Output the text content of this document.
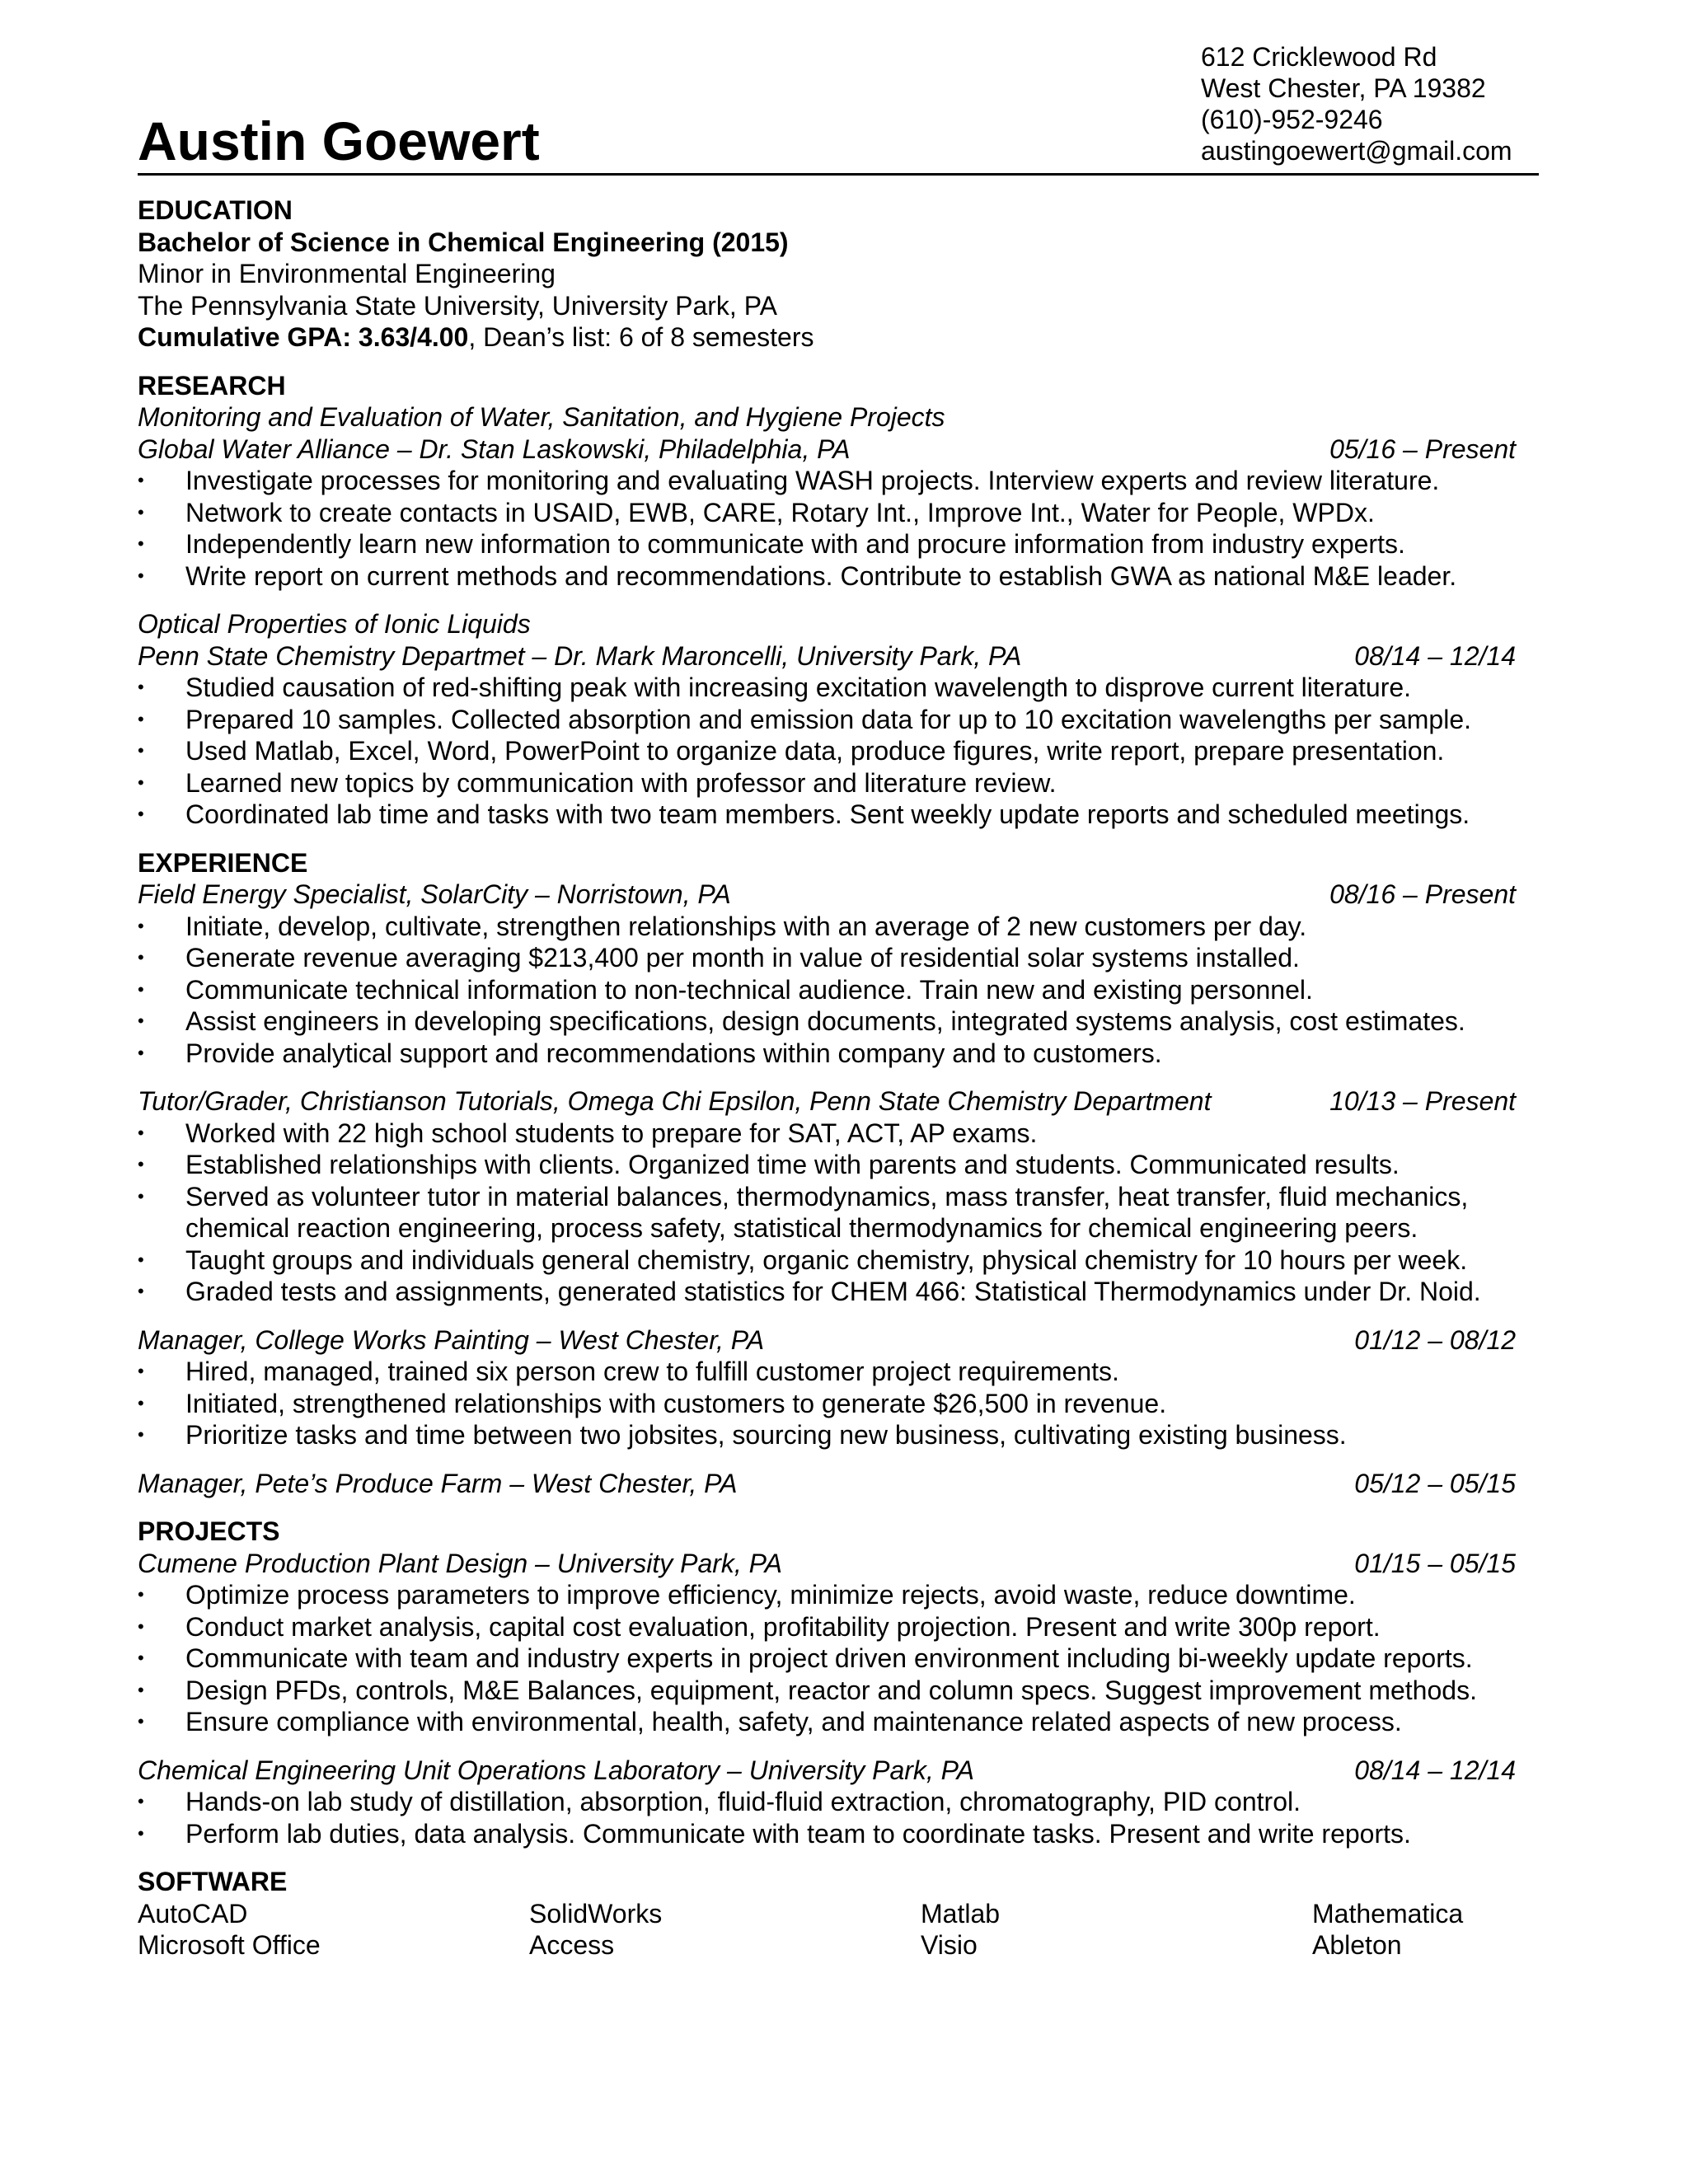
Austin Goewert
612 Cricklewood Rd
West Chester, PA 19382
(610)-952-9246
austingoewert@gmail.com
EDUCATION
Bachelor of Science in Chemical Engineering (2015)
Minor in Environmental Engineering
The Pennsylvania State University, University Park, PA
Cumulative GPA: 3.63/4.00, Dean’s list: 6 of 8 semesters
RESEARCH
Monitoring and Evaluation of Water, Sanitation, and Hygiene Projects
Global Water Alliance – Dr. Stan Laskowski, Philadelphia, PA	05/16 – Present
• Investigate processes for monitoring and evaluating WASH projects. Interview experts and review literature.
• Network to create contacts in USAID, EWB, CARE, Rotary Int., Improve Int., Water for People, WPDx.
• Independently learn new information to communicate with and procure information from industry experts.
• Write report on current methods and recommendations. Contribute to establish GWA as national M&E leader.
Optical Properties of Ionic Liquids
Penn State Chemistry Departmet – Dr. Mark Maroncelli, University Park, PA	08/14 – 12/14
• Studied causation of red-shifting peak with increasing excitation wavelength to disprove current literature.
• Prepared 10 samples. Collected absorption and emission data for up to 10 excitation wavelengths per sample.
• Used Matlab, Excel, Word, PowerPoint to organize data, produce figures, write report, prepare presentation.
• Learned new topics by communication with professor and literature review.
• Coordinated lab time and tasks with two team members. Sent weekly update reports and scheduled meetings.
EXPERIENCE
Field Energy Specialist, SolarCity – Norristown, PA	08/16 – Present
• Initiate, develop, cultivate, strengthen relationships with an average of 2 new customers per day.
• Generate revenue averaging $213,400 per month in value of residential solar systems installed.
• Communicate technical information to non-technical audience. Train new and existing personnel.
• Assist engineers in developing specifications, design documents, integrated systems analysis, cost estimates.
• Provide analytical support and recommendations within company and to customers.
Tutor/Grader, Christianson Tutorials, Omega Chi Epsilon, Penn State Chemistry Department	10/13 – Present
• Worked with 22 high school students to prepare for SAT, ACT, AP exams.
• Established relationships with clients. Organized time with parents and students. Communicated results.
• Served as volunteer tutor in material balances, thermodynamics, mass transfer, heat transfer, fluid mechanics, chemical reaction engineering, process safety, statistical thermodynamics for chemical engineering peers.
• Taught groups and individuals general chemistry, organic chemistry, physical chemistry for 10 hours per week.
• Graded tests and assignments, generated statistics for CHEM 466: Statistical Thermodynamics under Dr. Noid.
Manager, College Works Painting – West Chester, PA	01/12 – 08/12
• Hired, managed, trained six person crew to fulfill customer project requirements.
• Initiated, strengthened relationships with customers to generate $26,500 in revenue.
• Prioritize tasks and time between two jobsites, sourcing new business, cultivating existing business.
Manager, Pete’s Produce Farm – West Chester, PA	05/12 – 05/15
PROJECTS
Cumene Production Plant Design – University Park, PA	01/15 – 05/15
• Optimize process parameters to improve efficiency, minimize rejects, avoid waste, reduce downtime.
• Conduct market analysis, capital cost evaluation, profitability projection. Present and write 300p report.
• Communicate with team and industry experts in project driven environment including bi-weekly update reports.
• Design PFDs, controls, M&E Balances, equipment, reactor and column specs. Suggest improvement methods.
• Ensure compliance with environmental, health, safety, and maintenance related aspects of new process.
Chemical Engineering Unit Operations Laboratory – University Park, PA	08/14 – 12/14
• Hands-on lab study of distillation, absorption, fluid-fluid extraction, chromatography, PID control.
• Perform lab duties, data analysis. Communicate with team to coordinate tasks. Present and write reports.
SOFTWARE
AutoCAD	SolidWorks	Matlab	Mathematica
Microsoft Office	Access	Visio	Ableton
